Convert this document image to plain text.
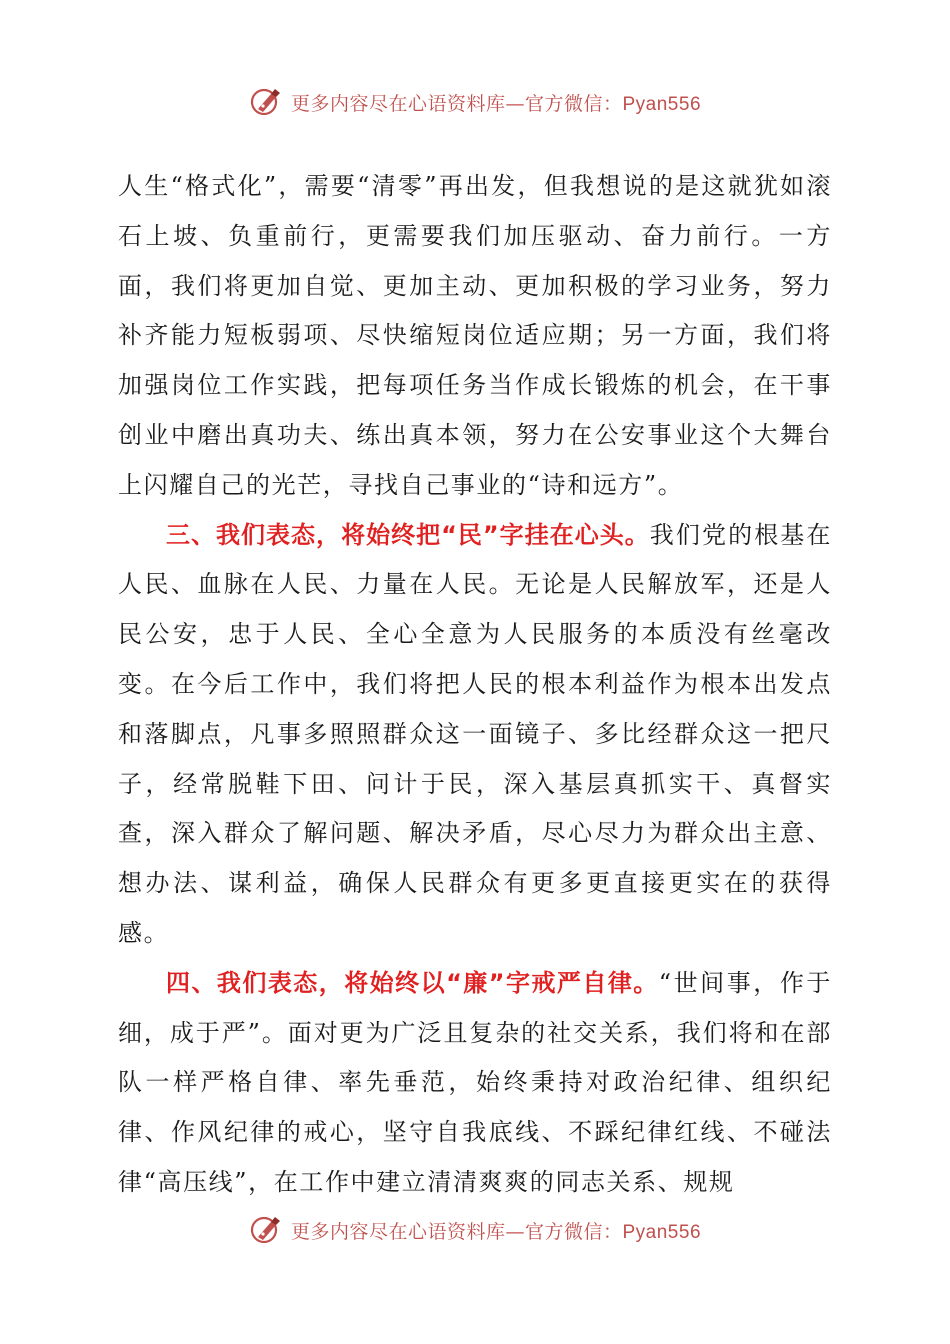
更多内容尽在心语资料库—官方微信：Pyan556

人生“格式化”，需要“清零”再出发，但我想说的是这就犹如滚石上坡、负重前行，更需要我们加压驱动、奋力前行。一方面，我们将更加自觉、更加主动、更加积极的学习业务，努力补齐能力短板弱项、尽快缩短岗位适应期；另一方面，我们将加强岗位工作实践，把每项任务当作成长锻炼的机会，在干事创业中磨出真功夫、练出真本领，努力在公安事业这个大舞台上闪耀自己的光芒，寻找自己事业的“诗和远方”。

三、我们表态，将始终把“民”字挂在心头。我们党的根基在人民、血脉在人民、力量在人民。无论是人民解放军，还是人民公安，忠于人民、全心全意为人民服务的本质没有丝毫改变。在今后工作中，我们将把人民的根本利益作为根本出发点和落脚点，凡事多照照群众这一面镜子、多比经群众这一把尺子，经常脱鞋下田、问计于民，深入基层真抓实干、真督实查，深入群众了解问题、解决矛盾，尽心尽力为群众出主意、想办法、谋利益，确保人民群众有更多更直接更实在的获得感。

四、我们表态，将始终以“廉”字戒严自律。“世间事，作于细，成于严”。面对更为广泛且复杂的社交关系，我们将和在部队一样严格自律、率先垂范，始终秉持对政治纪律、组织纪律、作风纪律的戒心，坚守自我底线、不踩纪律红线、不碰法律“高压线”，在工作中建立清清爽爽的同志关系、规规

更多内容尽在心语资料库—官方微信：Pyan556
